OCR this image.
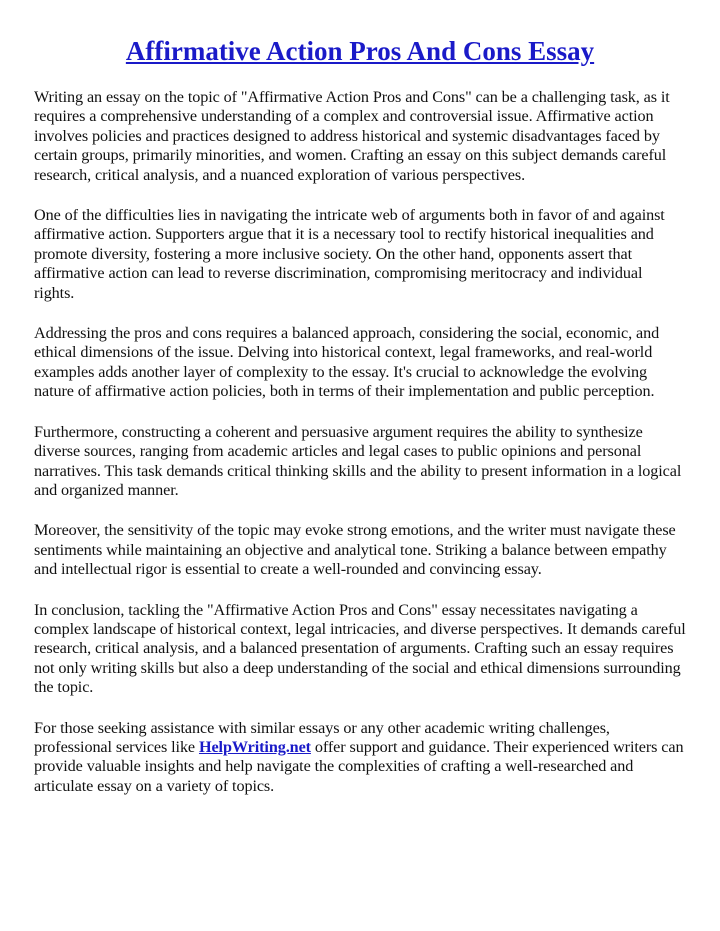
Affirmative Action Pros And Cons Essay

Writing an essay on the topic of "Affirmative Action Pros and Cons" can be a challenging task, as it requires a comprehensive understanding of a complex and controversial issue. Affirmative action involves policies and practices designed to address historical and systemic disadvantages faced by certain groups, primarily minorities, and women. Crafting an essay on this subject demands careful research, critical analysis, and a nuanced exploration of various perspectives.

One of the difficulties lies in navigating the intricate web of arguments both in favor of and against affirmative action. Supporters argue that it is a necessary tool to rectify historical inequalities and promote diversity, fostering a more inclusive society. On the other hand, opponents assert that affirmative action can lead to reverse discrimination, compromising meritocracy and individual rights.

Addressing the pros and cons requires a balanced approach, considering the social, economic, and ethical dimensions of the issue. Delving into historical context, legal frameworks, and real-world examples adds another layer of complexity to the essay. It's crucial to acknowledge the evolving nature of affirmative action policies, both in terms of their implementation and public perception.

Furthermore, constructing a coherent and persuasive argument requires the ability to synthesize diverse sources, ranging from academic articles and legal cases to public opinions and personal narratives. This task demands critical thinking skills and the ability to present information in a logical and organized manner.

Moreover, the sensitivity of the topic may evoke strong emotions, and the writer must navigate these sentiments while maintaining an objective and analytical tone. Striking a balance between empathy and intellectual rigor is essential to create a well-rounded and convincing essay.

In conclusion, tackling the "Affirmative Action Pros and Cons" essay necessitates navigating a complex landscape of historical context, legal intricacies, and diverse perspectives. It demands careful research, critical analysis, and a balanced presentation of arguments. Crafting such an essay requires not only writing skills but also a deep understanding of the social and ethical dimensions surrounding the topic.

For those seeking assistance with similar essays or any other academic writing challenges, professional services like HelpWriting.net offer support and guidance. Their experienced writers can provide valuable insights and help navigate the complexities of crafting a well-researched and articulate essay on a variety of topics.
